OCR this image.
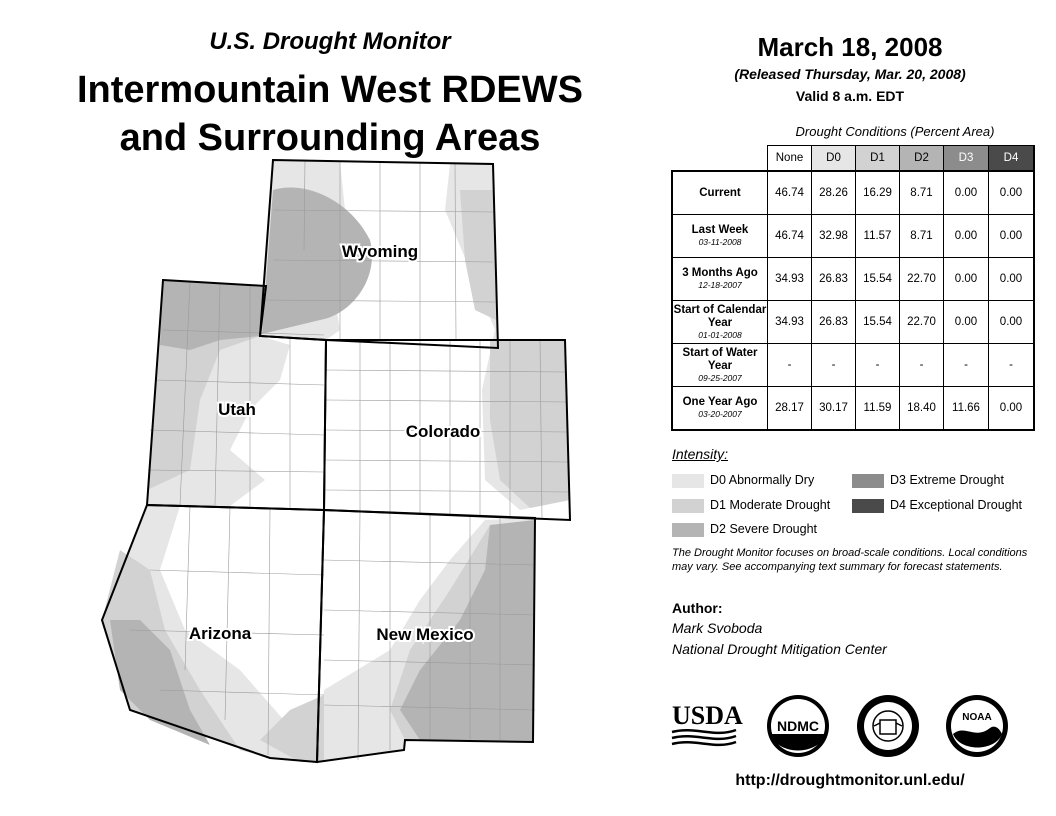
U.S. Drought Monitor
Intermountain West RDEWS
and Surrounding Areas
Wyoming
Utah
Colorado
Arizona	New Mexico
March 18, 2008
(Released Thursday, Mar. 20, 2008)
Valid 8 a.m. EDT
Drought Conditions (Percent Area)
	None	D0	D1	D2	D3	D4
Current	46.74	28.26	16.29	8.71	0.00	0.00
Last Week
03-11-2008	46.74	32.98	11.57	8.71	0.00	0.00
3 Months Ago
12-18-2007	34.93	26.83	15.54	22.70	0.00	0.00
Start of Calendar Year
01-01-2008	34.93	26.83	15.54	22.70	0.00	0.00
Start of Water Year
09-25-2007	-	-	-	-	-	-
One Year Ago
03-20-2007	28.17	30.17	11.59	18.40	11.66	0.00
Intensity:
D0 Abnormally Dry
D1 Moderate Drought
D2 Severe Drought
D3 Extreme Drought
D4 Exceptional Drought
The Drought Monitor focuses on broad-scale conditions. Local conditions may vary. See accompanying text summary for forecast statements.
Author:
Mark Svoboda
National Drought Mitigation Center
USDA NDMC
NOAA
http://droughtmonitor.unl.edu/
